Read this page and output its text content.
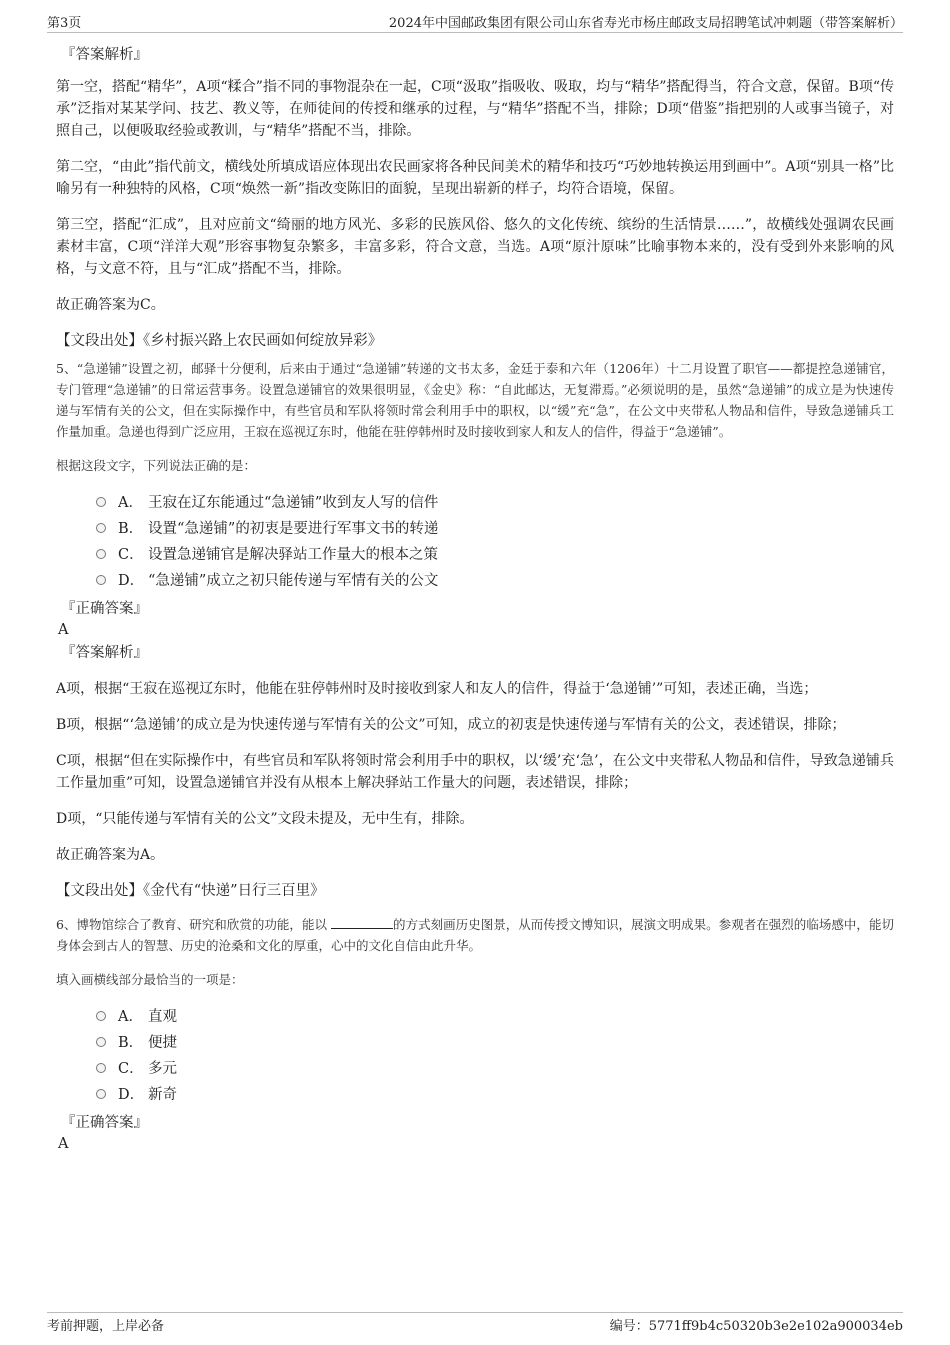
第3页	2024年中国邮政集团有限公司山东省寿光市杨庄邮政支局招聘笔试冲刺题（带答案解析）
『答案解析』
第一空，搭配“精华”，A项“糅合”指不同的事物混杂在一起，C项“汲取”指吸收、吸取，均与“精华”搭配得当，符合文意，保留。B项“传承”泛指对某某学问、技艺、教义等，在师徒间的传授和继承的过程，与“精华”搭配不当，排除；D项“借鉴”指把别的人或事当镜子，对照自己，以便吸取经验或教训，与“精华”搭配不当，排除。
第二空，“由此”指代前文，横线处所填成语应体现出农民画家将各种民间美术的精华和技巧“巧妙地转换运用到画中”。A项“别具一格”比喻另有一种独特的风格，C项“焕然一新”指改变陈旧的面貌，呈现出崭新的样子，均符合语境，保留。
第三空，搭配“汇成”，且对应前文“绮丽的地方风光、多彩的民族风俗、悠久的文化传统、缤纷的生活情景……”，故横线处强调农民画素材丰富，C项“洋洋大观”形容事物复杂繁多，丰富多彩，符合文意，当选。A项“原汁原味”比喻事物本来的，没有受到外来影响的风格，与文意不符，且与“汇成”搭配不当，排除。
故正确答案为C。
【文段出处】《乡村振兴路上农民画如何绽放异彩》
5、“急递铺”设置之初，邮驿十分便利，后来由于通过“急递铺”转递的文书太多，金廷于泰和六年（1206年）十二月设置了职官——都提控急递铺官，专门管理“急递铺”的日常运营事务。设置急递铺官的效果很明显，《金史》称：“自此邮达，无复滞焉。”必须说明的是，虽然“急递铺”的成立是为快速传递与军情有关的公文，但在实际操作中，有些官员和军队将领时常会利用手中的职权，以“缓”充“急”，在公文中夹带私人物品和信件，导致急递铺兵工作量加重。急递也得到广泛应用，王寂在巡视辽东时，他能在驻停韩州时及时接收到家人和友人的信件，得益于“急递铺”。
根据这段文字，下列说法正确的是：
A． 王寂在辽东能通过“急递铺”收到友人写的信件
B． 设置“急递铺”的初衷是要进行军事文书的转递
C． 设置急递铺官是解决驿站工作量大的根本之策
D． “急递铺”成立之初只能传递与军情有关的公文
『正确答案』
A
『答案解析』
A项，根据“王寂在巡视辽东时，他能在驻停韩州时及时接收到家人和友人的信件，得益于‘急递铺’”可知，表述正确，当选；
B项，根据“‘急递铺’的成立是为快速传递与军情有关的公文”可知，成立的初衷是快速传递与军情有关的公文，表述错误，排除；
C项，根据“但在实际操作中，有些官员和军队将领时常会利用手中的职权，以‘缓’充‘急’，在公文中夹带私人物品和信件，导致急递铺兵工作量加重”可知，设置急递铺官并没有从根本上解决驿站工作量大的问题，表述错误，排除；
D项，“只能传递与军情有关的公文”文段未提及，无中生有，排除。
故正确答案为A。
【文段出处】《金代有“快递”日行三百里》
6、博物馆综合了教育、研究和欣赏的功能，能以	的方式刻画历史图景，从而传授文博知识，展演文明成果。参观者在强烈的临场感中，能切身体会到古人的智慧、历史的沧桑和文化的厚重，心中的文化自信由此升华。
填入画横线部分最恰当的一项是：
A． 直观
B． 便捷
C． 多元
D． 新奇
『正确答案』
A
考前押题，上岸必备	编号：5771ff9b4c50320b3e2e102a900034eb
